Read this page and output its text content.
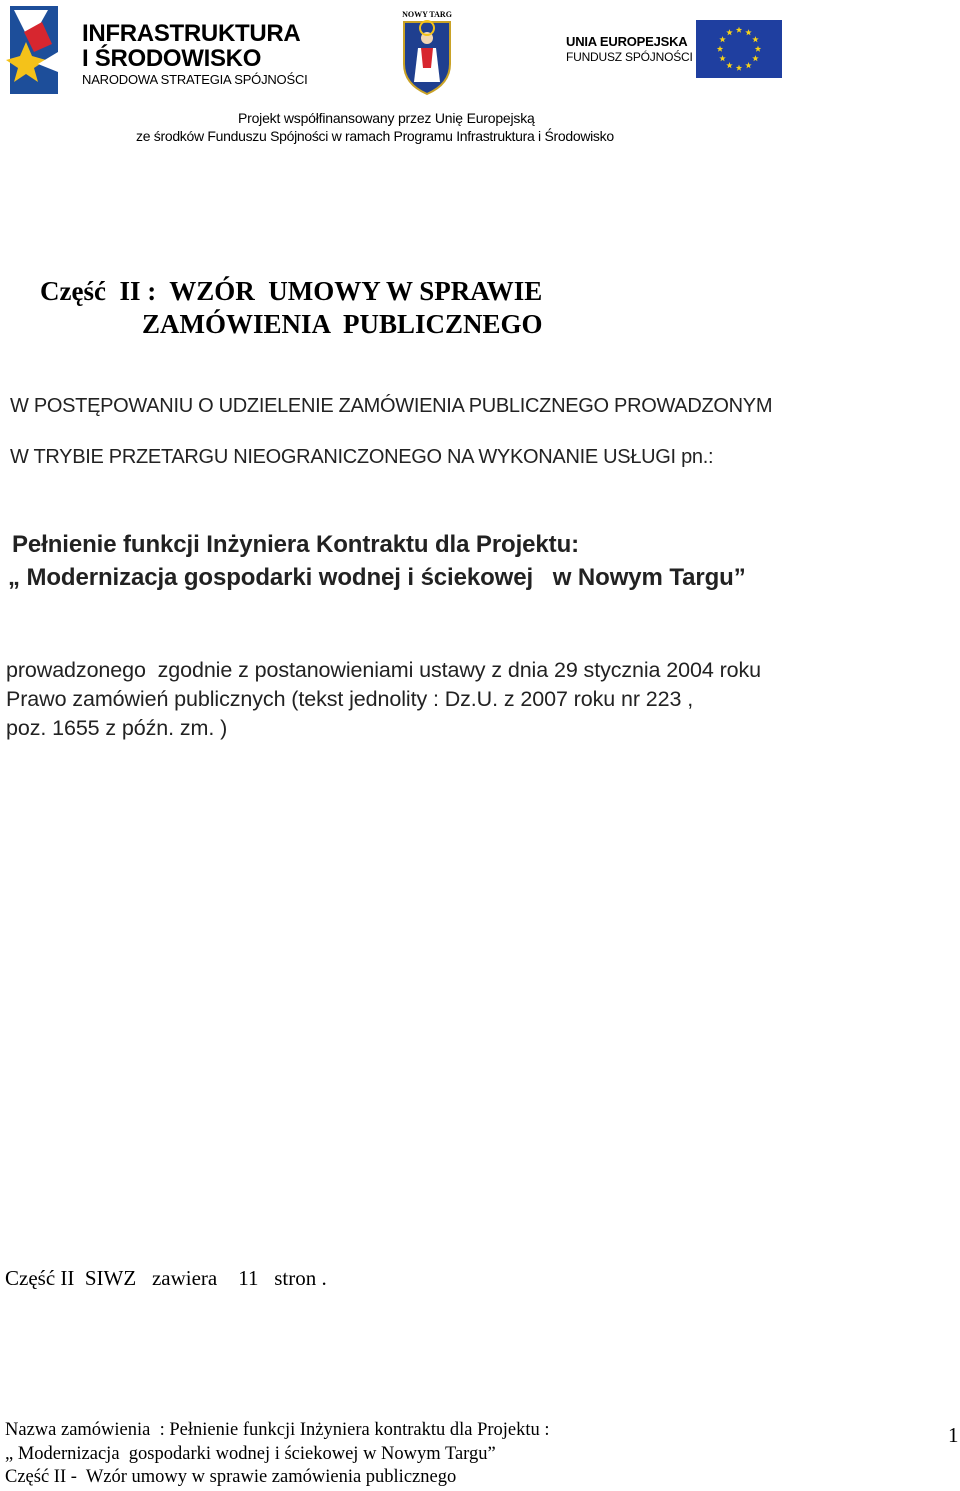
INFRASTRUKTURA
I ŚRODOWISKO
NARODOWA STRATEGIA SPÓJNOŚCI
NOWY TARG
UNIA EUROPEJSKA
FUNDUSZ SPÓJNOŚCI
Projekt współfinansowany przez Unię Europejską
ze środków Funduszu Spójności w ramach Programu Infrastruktura i Środowisko
Część  II :  WZÓR  UMOWY W SPRAWIE
ZAMÓWIENIA  PUBLICZNEGO
W POSTĘPOWANIU O UDZIELENIE ZAMÓWIENIA PUBLICZNEGO PROWADZONYM
W TRYBIE PRZETARGU NIEOGRANICZONEGO NA WYKONANIE USŁUGI pn.:
Pełnienie funkcji Inżyniera Kontraktu dla Projektu:
„ Modernizacja gospodarki wodnej i ściekowej   w Nowym Targu”
prowadzonego  zgodnie z postanowieniami ustawy z dnia 29 stycznia 2004 roku
Prawo zamówień publicznych (tekst jednolity : Dz.U. z 2007 roku nr 223 ,
poz. 1655 z późn. zm. )
Część II  SIWZ   zawiera    11   stron .
Nazwa zamówienia  : Pełnienie funkcji Inżyniera kontraktu dla Projektu :
„ Modernizacja  gospodarki wodnej i ściekowej w Nowym Targu”
Część II -  Wzór umowy w sprawie zamówienia publicznego
1
